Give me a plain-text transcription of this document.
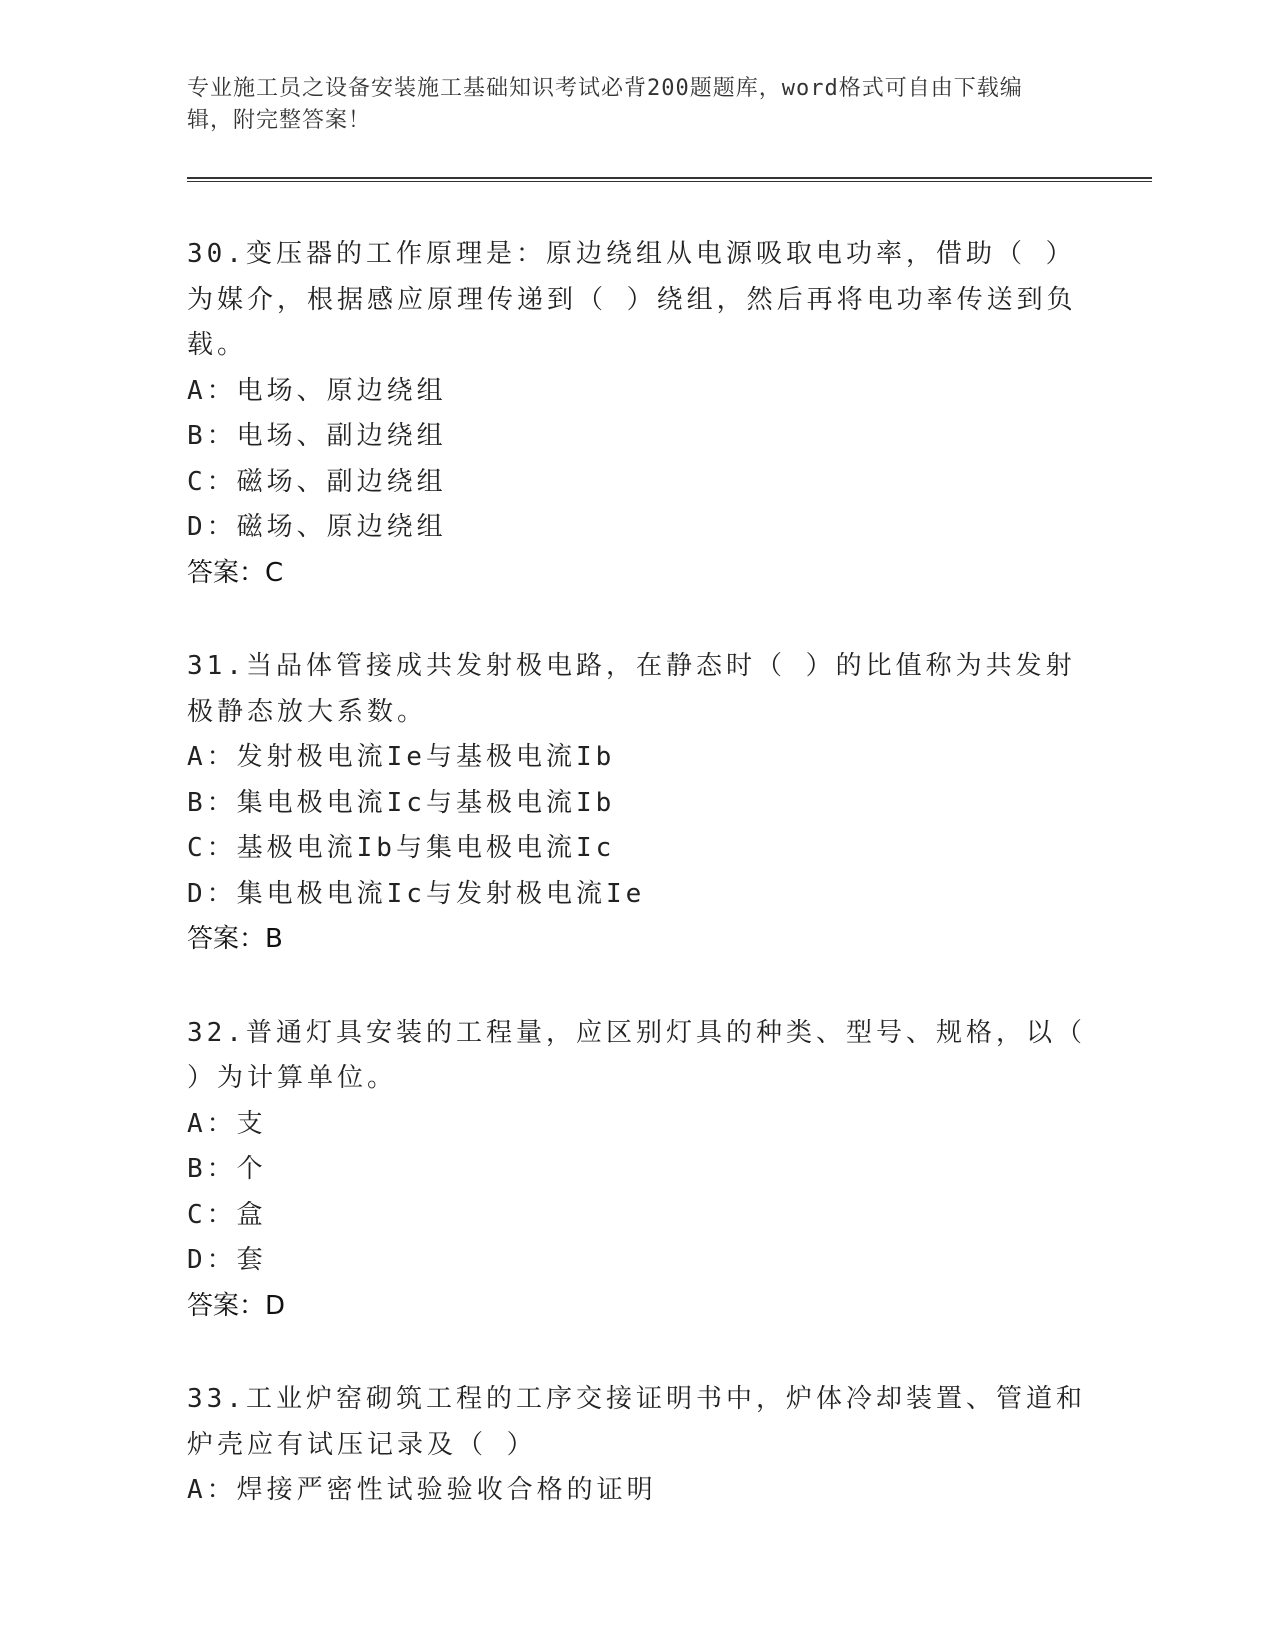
专业施工员之设备安装施工基础知识考试必背200题题库，word格式可自由下载编辑，附完整答案！

30.变压器的工作原理是：原边绕组从电源吸取电功率，借助（ ）为媒介，根据感应原理传递到（ ）绕组，然后再将电功率传送到负载。

A：电场、原边绕组
B：电场、副边绕组
C：磁场、副边绕组
D：磁场、原边绕组
答案：C

31.当品体管接成共发射极电路，在静态时（ ）的比值称为共发射极静态放大系数。

A：发射极电流Ie与基极电流Ib
B：集电极电流Ic与基极电流Ib
C：基极电流Ib与集电极电流Ic
D：集电极电流Ic与发射极电流Ie
答案：B

32.普通灯具安装的工程量，应区别灯具的种类、型号、规格，以（ ）为计算单位。

A：支
B：个
C：盒
D：套
答案：D

33.工业炉窑砌筑工程的工序交接证明书中，炉体冷却装置、管道和炉壳应有试压记录及（ ）

A：焊接严密性试验验收合格的证明
